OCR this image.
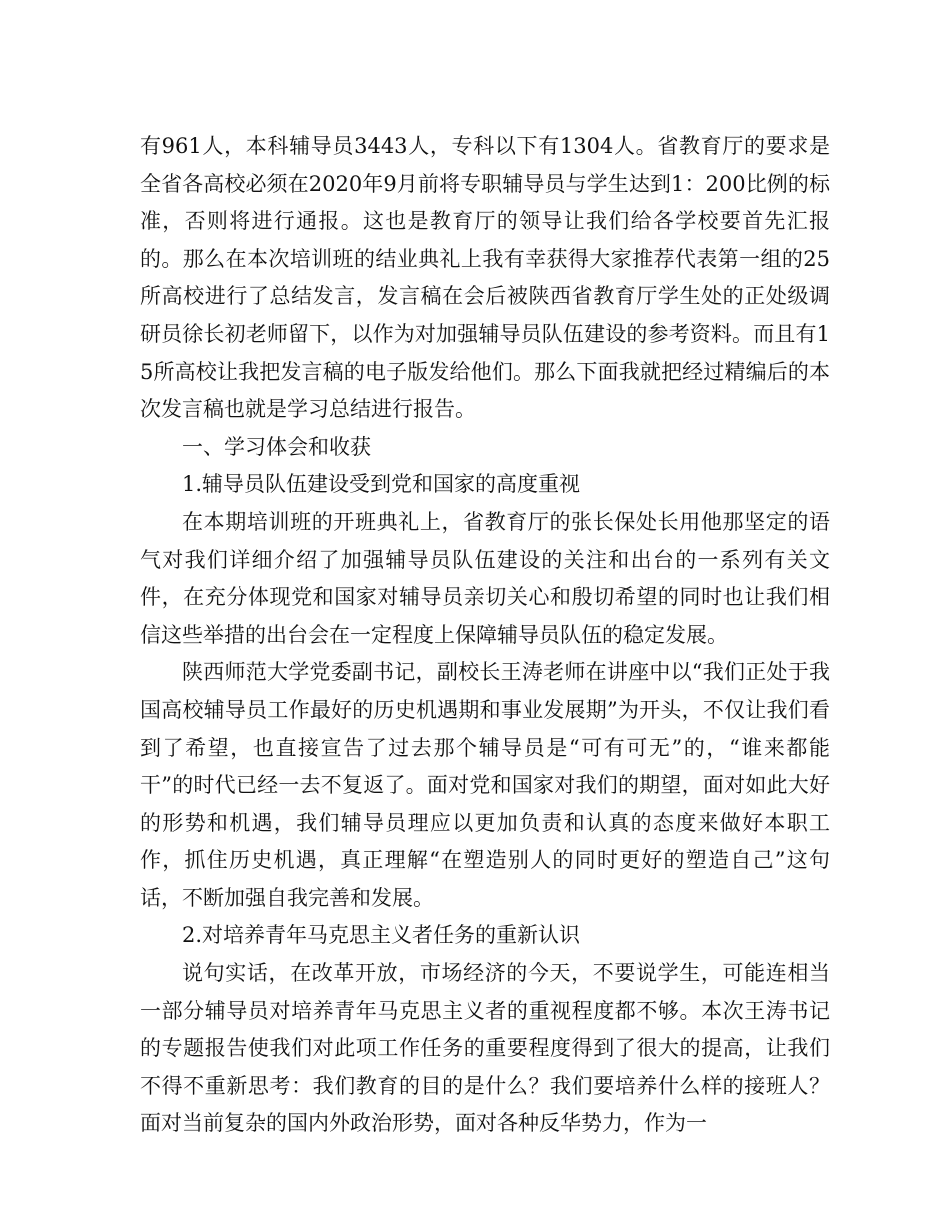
有961人，本科辅导员3443人，专科以下有1304人。省教育厅的要求是全省各高校必须在2020年9月前将专职辅导员与学生达到1：200比例的标准，否则将进行通报。这也是教育厅的领导让我们给各学校要首先汇报的。那么在本次培训班的结业典礼上我有幸获得大家推荐代表第一组的25所高校进行了总结发言，发言稿在会后被陕西省教育厅学生处的正处级调研员徐长初老师留下，以作为对加强辅导员队伍建设的参考资料。而且有15所高校让我把发言稿的电子版发给他们。那么下面我就把经过精编后的本次发言稿也就是学习总结进行报告。

一、学习体会和收获

1.辅导员队伍建设受到党和国家的高度重视

在本期培训班的开班典礼上，省教育厅的张长保处长用他那坚定的语气对我们详细介绍了加强辅导员队伍建设的关注和出台的一系列有关文件，在充分体现党和国家对辅导员亲切关心和殷切希望的同时也让我们相信这些举措的出台会在一定程度上保障辅导员队伍的稳定发展。

陕西师范大学党委副书记，副校长王涛老师在讲座中以“我们正处于我国高校辅导员工作最好的历史机遇期和事业发展期”为开头，不仅让我们看到了希望，也直接宣告了过去那个辅导员是“可有可无”的，“谁来都能干”的时代已经一去不复返了。面对党和国家对我们的期望，面对如此大好的形势和机遇，我们辅导员理应以更加负责和认真的态度来做好本职工作，抓住历史机遇，真正理解“在塑造别人的同时更好的塑造自己”这句话，不断加强自我完善和发展。

2.对培养青年马克思主义者任务的重新认识

说句实话，在改革开放，市场经济的今天，不要说学生，可能连相当一部分辅导员对培养青年马克思主义者的重视程度都不够。本次王涛书记的专题报告使我们对此项工作任务的重要程度得到了很大的提高，让我们不得不重新思考：我们教育的目的是什么？我们要培养什么样的接班人？面对当前复杂的国内外政治形势，面对各种反华势力，作为一
